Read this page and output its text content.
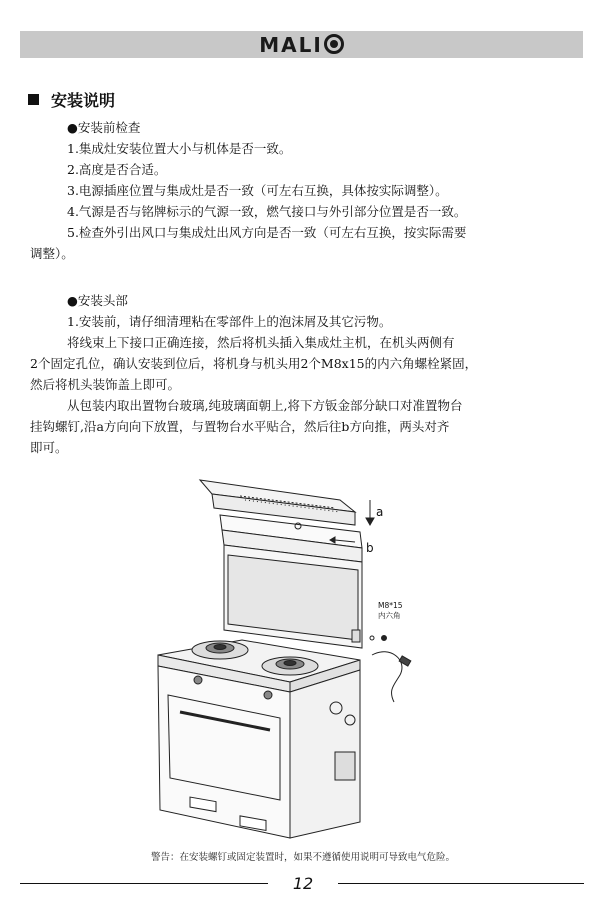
MALI
安装说明
● 安装前检查
1.集成灶安装位置大小与机体是否一致。
2.高度是否合适。
3.电源插座位置与集成灶是否一致（可左右互换，具体按实际调整）。
4.气源是否与铭牌标示的气源一致，燃气接口与外引部分位置是否一致。
5.检查外引出风口与集成灶出风方向是否一致（可左右互换，按实际需要
调整）。
● 安装头部
1.安装前，请仔细清理粘在零部件上的泡沫屑及其它污物。
将线束上下接口正确连接，然后将机头插入集成灶主机，在机头两侧有
2个固定孔位，确认安装到位后，将机身与机头用2个M8x15的内六角螺栓紧固，
然后将机头装饰盖上即可。
从包装内取出置物台玻璃,纯玻璃面朝上,将下方钣金部分缺口对准置物台
挂钩螺钉,沿a方向向下放置，与置物台水平贴合，然后往b方向推，两头对齐
即可。
a
b
M8*15
内六角
警告：在安装螺钉或固定装置时，如果不遵循使用说明可导致电气危险。
12
